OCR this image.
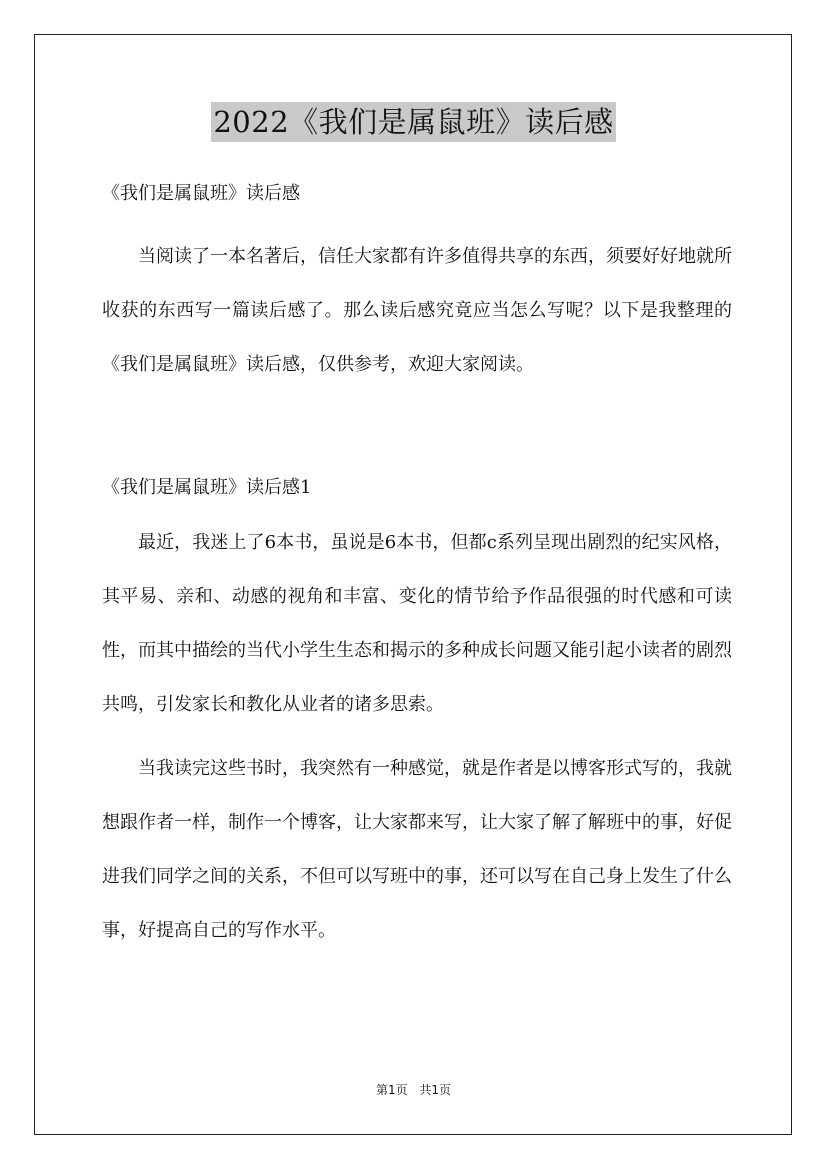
2022《我们是属鼠班》读后感

《我们是属鼠班》读后感

当阅读了一本名著后，信任大家都有许多值得共享的东西，须要好好地就所收获的东西写一篇读后感了。那么读后感究竟应当怎么写呢？以下是我整理的《我们是属鼠班》读后感，仅供参考，欢迎大家阅读。

《我们是属鼠班》读后感1

最近，我迷上了6本书，虽说是6本书，但都c系列呈现出剧烈的纪实风格，其平易、亲和、动感的视角和丰富、变化的情节给予作品很强的时代感和可读性，而其中描绘的当代小学生生态和揭示的多种成长问题又能引起小读者的剧烈共鸣，引发家长和教化从业者的诸多思索。

当我读完这些书时，我突然有一种感觉，就是作者是以博客形式写的，我就想跟作者一样，制作一个博客，让大家都来写，让大家了解了解班中的事，好促进我们同学之间的关系，不但可以写班中的事，还可以写在自己身上发生了什么事，好提高自己的写作水平。

第1页 共1页
